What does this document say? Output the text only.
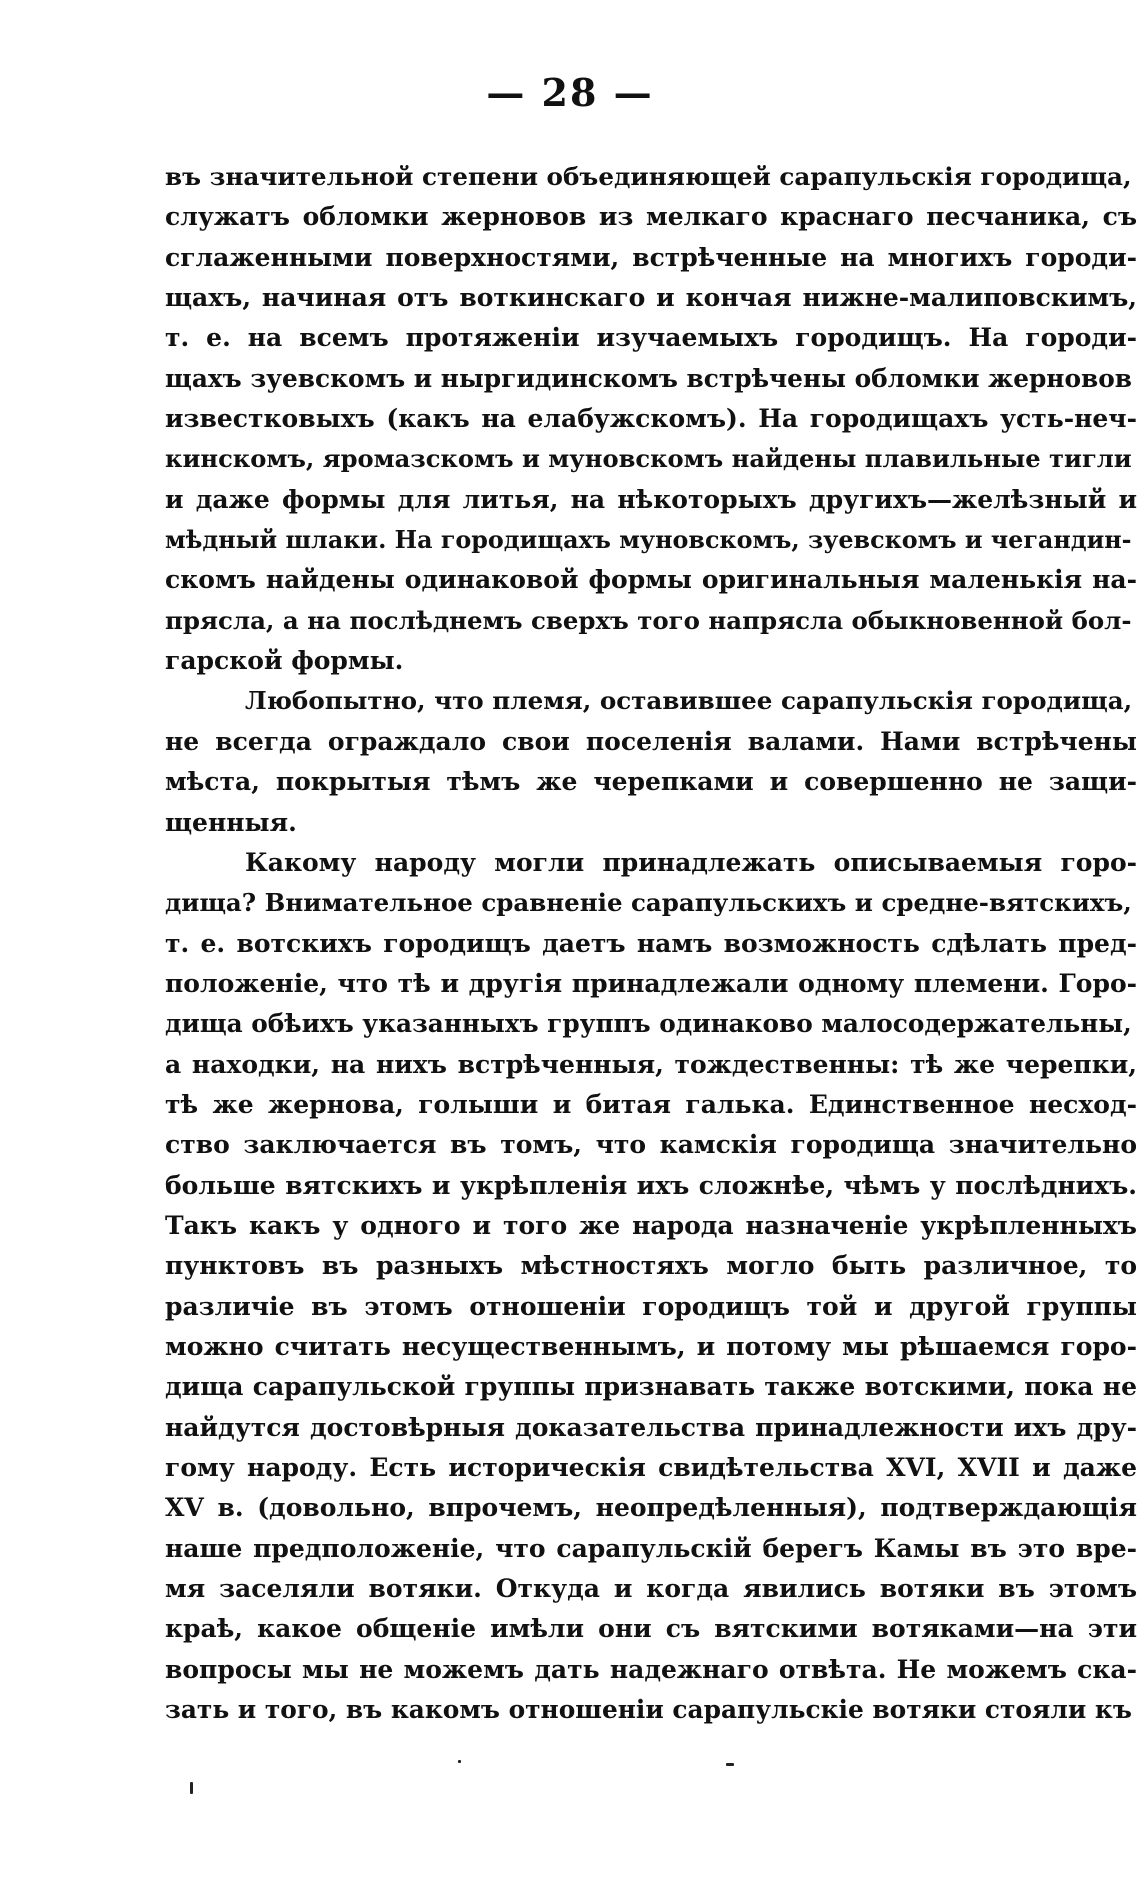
— 28 —
въ значительной степени объединяющей сарапульскія городища,
служатъ обломки жерновов из мелкаго краснаго песчаника, съ
сглаженными поверхностями, встрѣченные на многихъ городи-
щахъ, начиная отъ воткинскаго и кончая нижне-малиповскимъ,
т. е. на всемъ протяженіи изучаемыхъ городищъ. На городи-
щахъ зуевскомъ и ныргидинскомъ встрѣчены обломки жерновов
известковыхъ (какъ на елабужскомъ). На городищахъ усть-неч-
кинскомъ, яромазскомъ и муновскомъ найдены плавильные тигли
и даже формы для литья, на нѣкоторыхъ другихъ—желѣзный и
мѣдный шлаки. На городищахъ муновскомъ, зуевскомъ и чегандин-
скомъ найдены одинаковой формы оригинальныя маленькія на-
прясла, а на послѣднемъ сверхъ того напрясла обыкновенной бол-
гарской формы.
Любопытно, что племя, оставившее сарапульскія городища,
не всегда ограждало свои поселенія валами. Нами встрѣчены
мѣста, покрытыя тѣмъ же черепками и совершенно не защи-
щенныя.
Какому народу могли принадлежать описываемыя горо-
дища? Внимательное сравненіе сарапульскихъ и средне-вятскихъ,
т. е. вотскихъ городищъ даетъ намъ возможность сдѣлать пред-
положеніе, что тѣ и другія принадлежали одному племени. Горо-
дища обѣихъ указанныхъ группъ одинаково малосодержательны,
а находки, на нихъ встрѣченныя, тождественны: тѣ же черепки,
тѣ же жернова, голыши и битая галька. Единственное несход-
ство заключается въ томъ, что камскія городища значительно
больше вятскихъ и укрѣпленія ихъ сложнѣе, чѣмъ у послѣднихъ.
Такъ какъ у одного и того же народа назначеніе укрѣпленныхъ
пунктовъ въ разныхъ мѣстностяхъ могло быть различное, то
различіе въ этомъ отношеніи городищъ той и другой группы
можно считать несущественнымъ, и потому мы рѣшаемся горо-
дища сарапульской группы признавать также вотскими, пока не
найдутся достовѣрныя доказательства принадлежности ихъ дру-
гому народу. Есть историческія свидѣтельства XVI, XVII и даже
XV в. (довольно, впрочемъ, неопредѣленныя), подтверждающія
наше предположеніе, что сарапульскій берегъ Камы въ это вре-
мя заселяли вотяки. Откуда и когда явились вотяки въ этомъ
краѣ, какое общеніе имѣли они съ вятскими вотяками—на эти
вопросы мы не можемъ дать надежнаго отвѣта. Не можемъ ска-
зать и того, въ какомъ отношеніи сарапульскіе вотяки стояли къ
